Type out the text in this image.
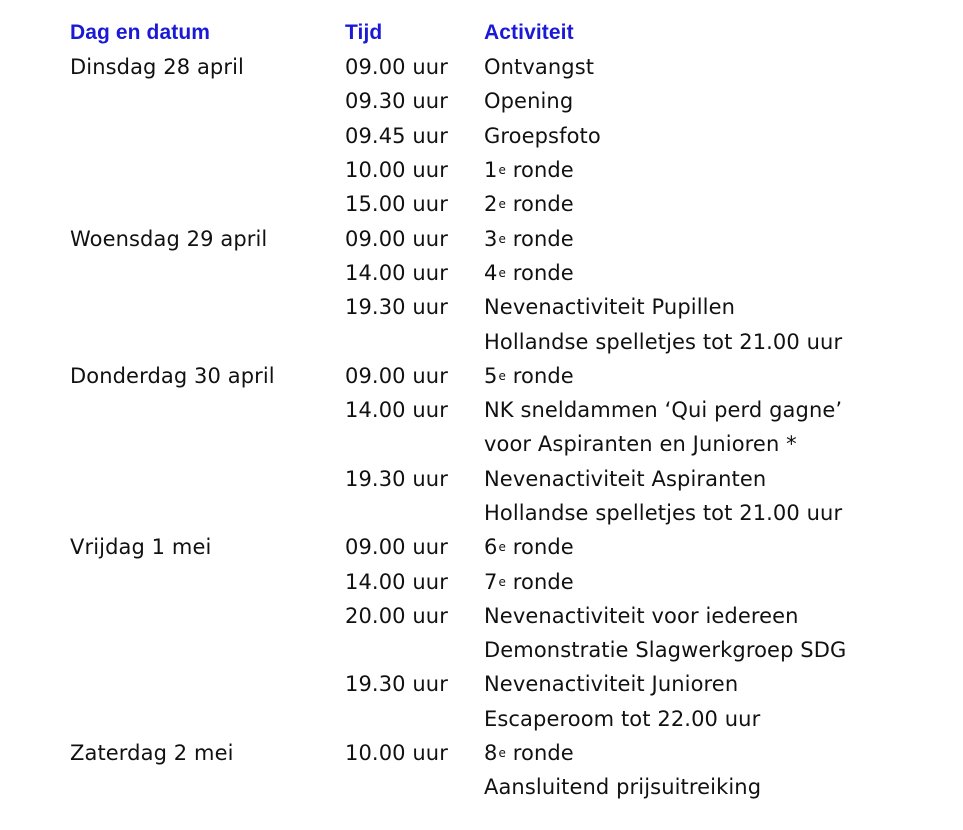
Dag en datum	Tijd	Activiteit
Dinsdag 28 april	09.00 uur	Ontvangst
09.30 uur	Opening
09.45 uur	Groepsfoto
10.00 uur	1e ronde
15.00 uur	2e ronde
Woensdag 29 april	09.00 uur	3e ronde
14.00 uur	4e ronde
19.30 uur	Nevenactiviteit Pupillen
Hollandse spelletjes tot 21.00 uur
Donderdag 30 april	09.00 uur	5e ronde
14.00 uur	NK sneldammen ‘Qui perd gagne’
voor Aspiranten en Junioren *
19.30 uur	Nevenactiviteit Aspiranten
Hollandse spelletjes tot 21.00 uur
Vrijdag 1 mei	09.00 uur	6e ronde
14.00 uur	7e ronde
20.00 uur	Nevenactiviteit voor iedereen
Demonstratie Slagwerkgroep SDG
19.30 uur	Nevenactiviteit Junioren
Escaperoom tot 22.00 uur
Zaterdag 2 mei	10.00 uur	8e ronde
Aansluitend prijsuitreiking
